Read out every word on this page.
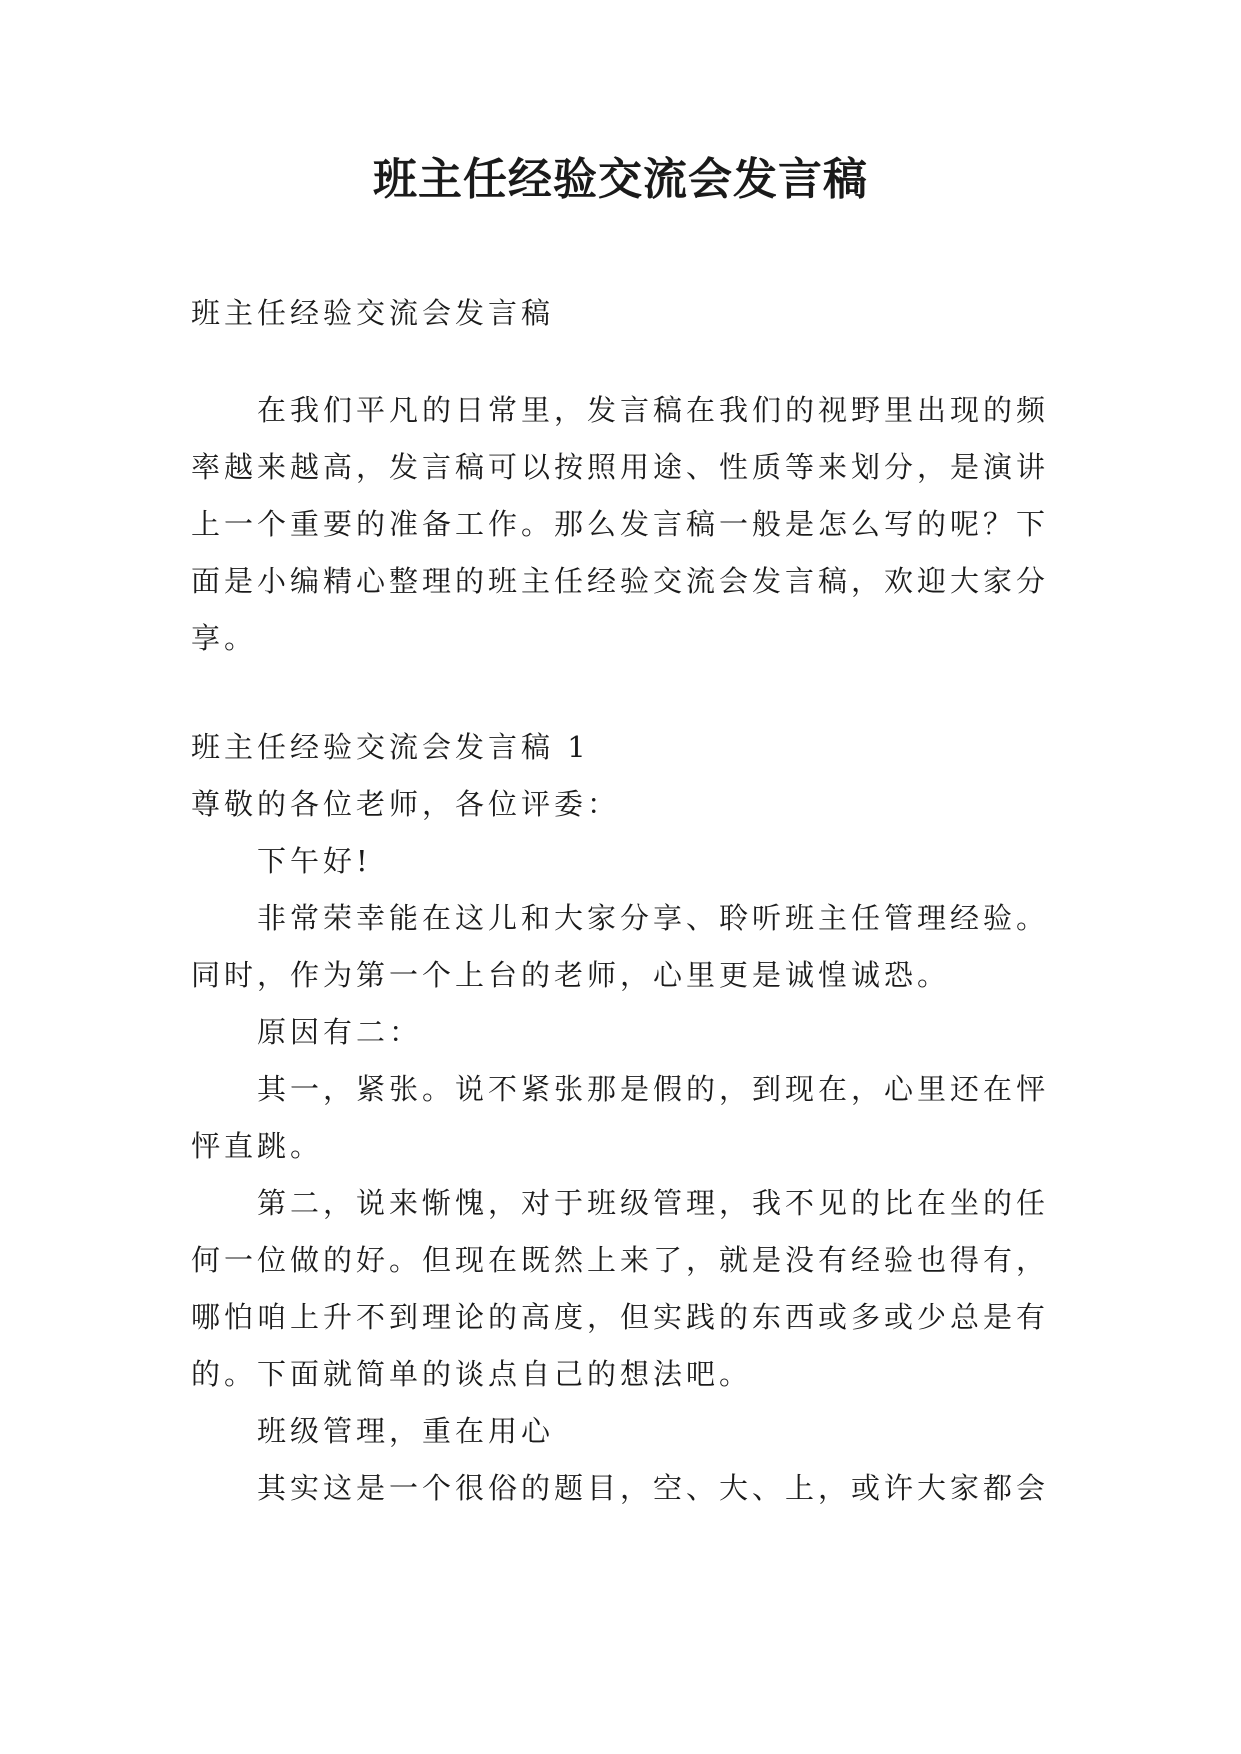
班主任经验交流会发言稿
班主任经验交流会发言稿
在我们平凡的日常里，发言稿在我们的视野里出现的频
率越来越高，发言稿可以按照用途、性质等来划分，是演讲
上一个重要的准备工作。那么发言稿一般是怎么写的呢？下
面是小编精心整理的班主任经验交流会发言稿，欢迎大家分
享。
班主任经验交流会发言稿 1
尊敬的各位老师，各位评委：
下午好!
非常荣幸能在这儿和大家分享、聆听班主任管理经验。
同时，作为第一个上台的老师，心里更是诚惶诚恐。
原因有二：
其一，紧张。说不紧张那是假的，到现在，心里还在怦
怦直跳。
第二，说来惭愧，对于班级管理，我不见的比在坐的任
何一位做的好。但现在既然上来了，就是没有经验也得有，
哪怕咱上升不到理论的高度，但实践的东西或多或少总是有
的。下面就简单的谈点自己的想法吧。
班级管理，重在用心
其实这是一个很俗的题目，空、大、上，或许大家都会
